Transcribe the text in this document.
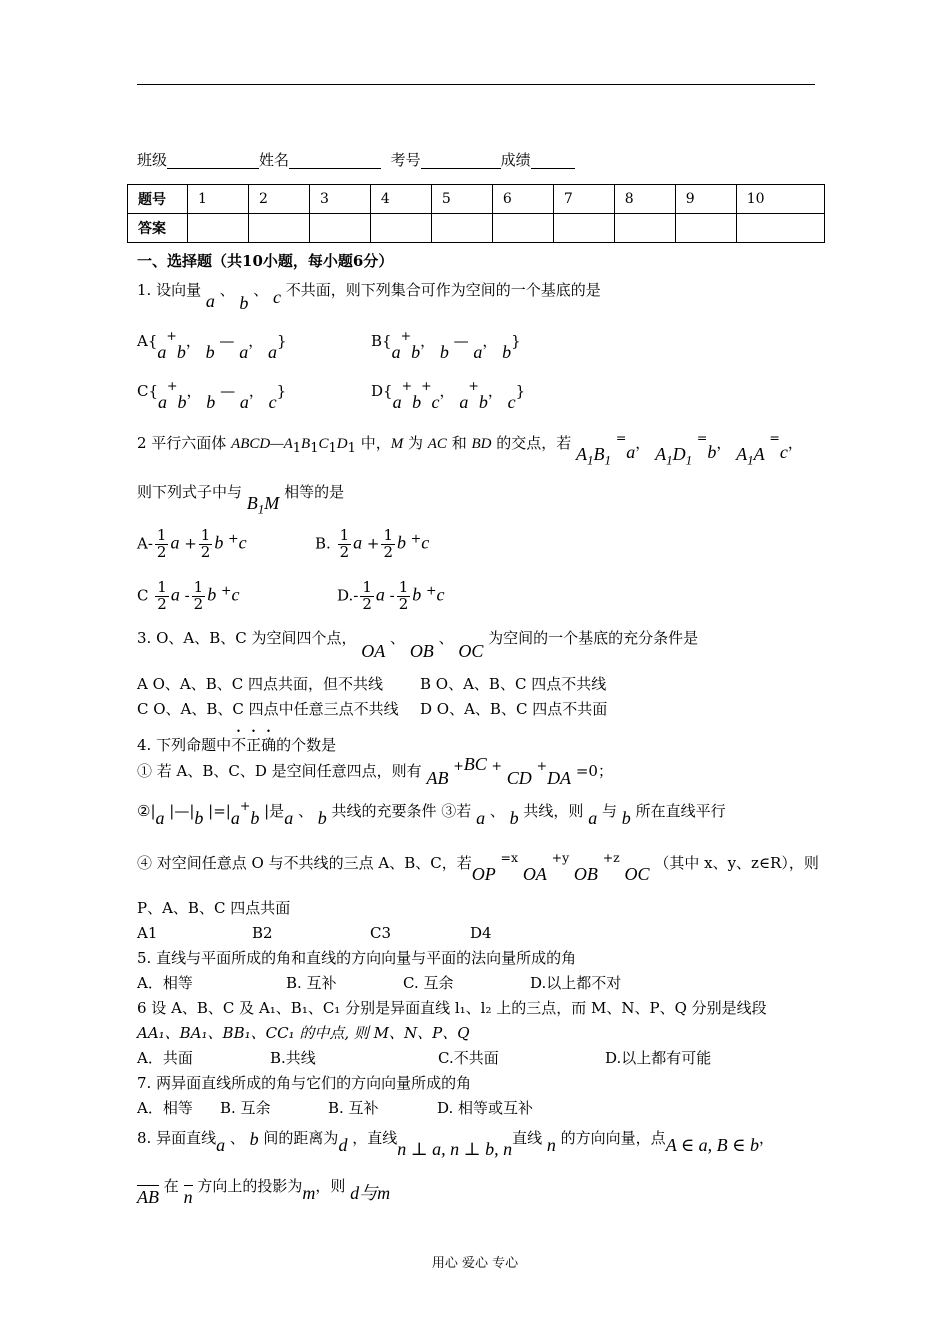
班级	姓名	考号	成绩
题号	1	2	3	4	5	6	7	8	9	10
答案										
一、选择题（共10小题，每小题6分）
1. 设向量 a 、 b 、 c 不共面，则下列集合可作为空间的一个基底的是
A{a+b， b — a， a}	B{a+b， b — a， b}
C{a+b， b — a， c}	D{a+b+c， a+b， c}
2 平行六面体 $ABCD—A_1B_1C_1D_1$ 中，M 为 AC 和 BD 的交点，若 $A_1B_1$ =a， $A_1D_1$ =b， $A_1A$ =c，
则下列式子中与 $B_1M$ 相等的是
$A- \frac{1}{2}$ $a + \frac{1}{2}$ b +c	B. $\frac{1}{2}$ $a + \frac{1}{2}$ b +c
C $\frac{1}{2}$ a - $\frac{1}{2}$ b +c	$D.- \frac{1}{2}$ a - $\frac{1}{2}$ b +c
3. O、A、B、C 为空间四个点， OA 、 OB 、 OC 为空间的一个基底的充分条件是
A O、A、B、C 四点共面，但不共线 B O、A、B、C 四点不共线
C O、A、B、C 四点中任意三点不共线 D O、A、B、C 四点不共面
4. 下列命题中不正确的个数是
① 若 A、B、C、D 是空间任意四点，则有 AB +BC + CD +DA =0；
②|a |—|b |=|a+b |是a 、 b 共线的充要条件 ③若 a 、 b 共线，则 a 与 b 所在直线平行
④ 对空间任意点 O 与不共线的三点 A、B、C，若OP $^{=x}$ OA $^{+y}$ OB $^{+z}$ OC （其中 x、y、z∈R），则
P、A、B、C 四点共面
A1	B2	C3	D4
5. 直线与平面所成的角和直线的方向向量与平面的法向量所成的角
A．相等	B. 互补	C. 互余	D.以上都不对
6 设 A、B、C 及 A₁、B₁、C₁ 分别是异面直线 l₁、l₂ 上的三点，而 M、N、P、Q 分别是线段
AA₁、BA₁、BB₁、CC₁ 的中点, 则 M、N、P、Q
A．共面	B.共线	C.不共面	D.以上都有可能
7. 两异面直线所成的角与它们的方向向量所成的角
A．相等 B. 互余	B. 互补	D. 相等或互补
8. 异面直线a 、 b 间的距离为d ，直线n ⊥ a, n ⊥ b, n直线 n 的方向向量，点A ∈ a, B ∈ b，
AB 在 n 方向上的投影为m，则 d与m
用心 爱心 专心
